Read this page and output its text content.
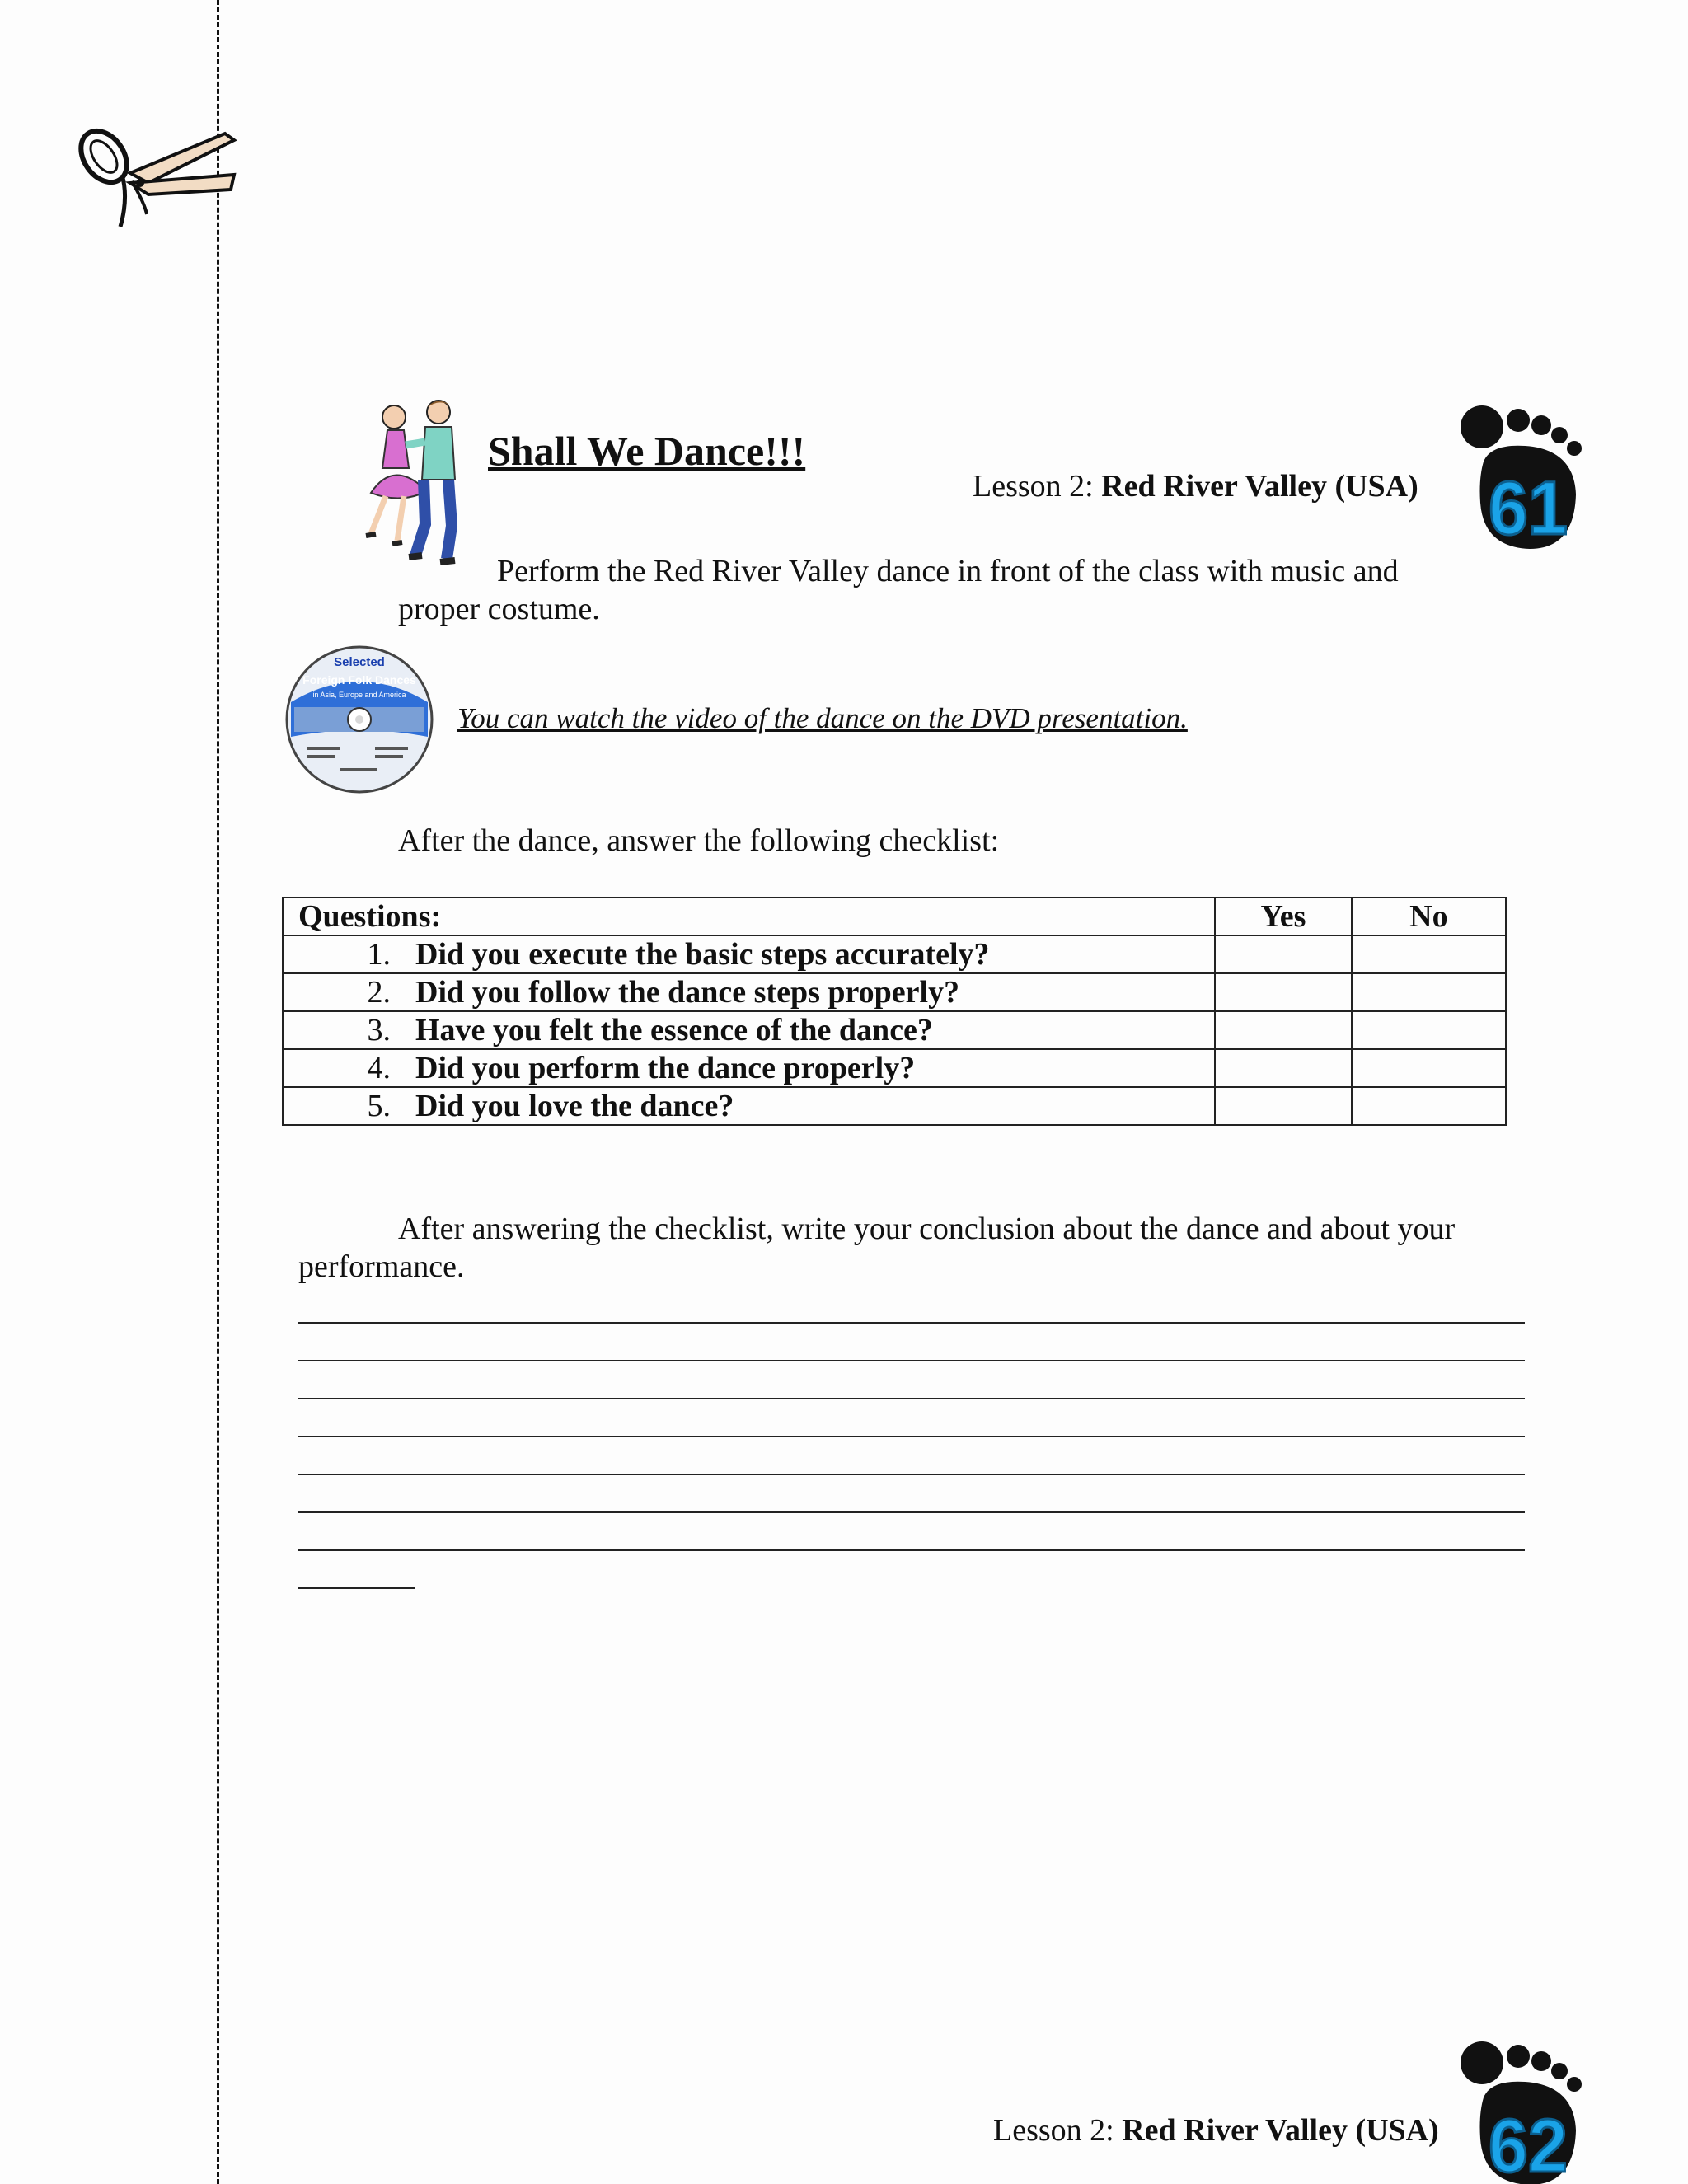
Shall We Dance!!!
Lesson 2: Red River Valley (USA) 61
Perform the Red River Valley dance in front of the class with music and proper costume.
Selected
Foreign Folk Dances
in Asia, Europe and America
You can watch the video of the dance on the DVD presentation.
After the dance, answer the following checklist:
Questions:	Yes	No
1. Did you execute the basic steps accurately?		
2. Did you follow the dance steps properly?		
3. Have you felt the essence of the dance?		
4. Did you perform the dance properly?		
5. Did you love the dance?		
After answering the checklist, write your conclusion about the dance and about your performance.
Lesson 2: Red River Valley (USA) 62
